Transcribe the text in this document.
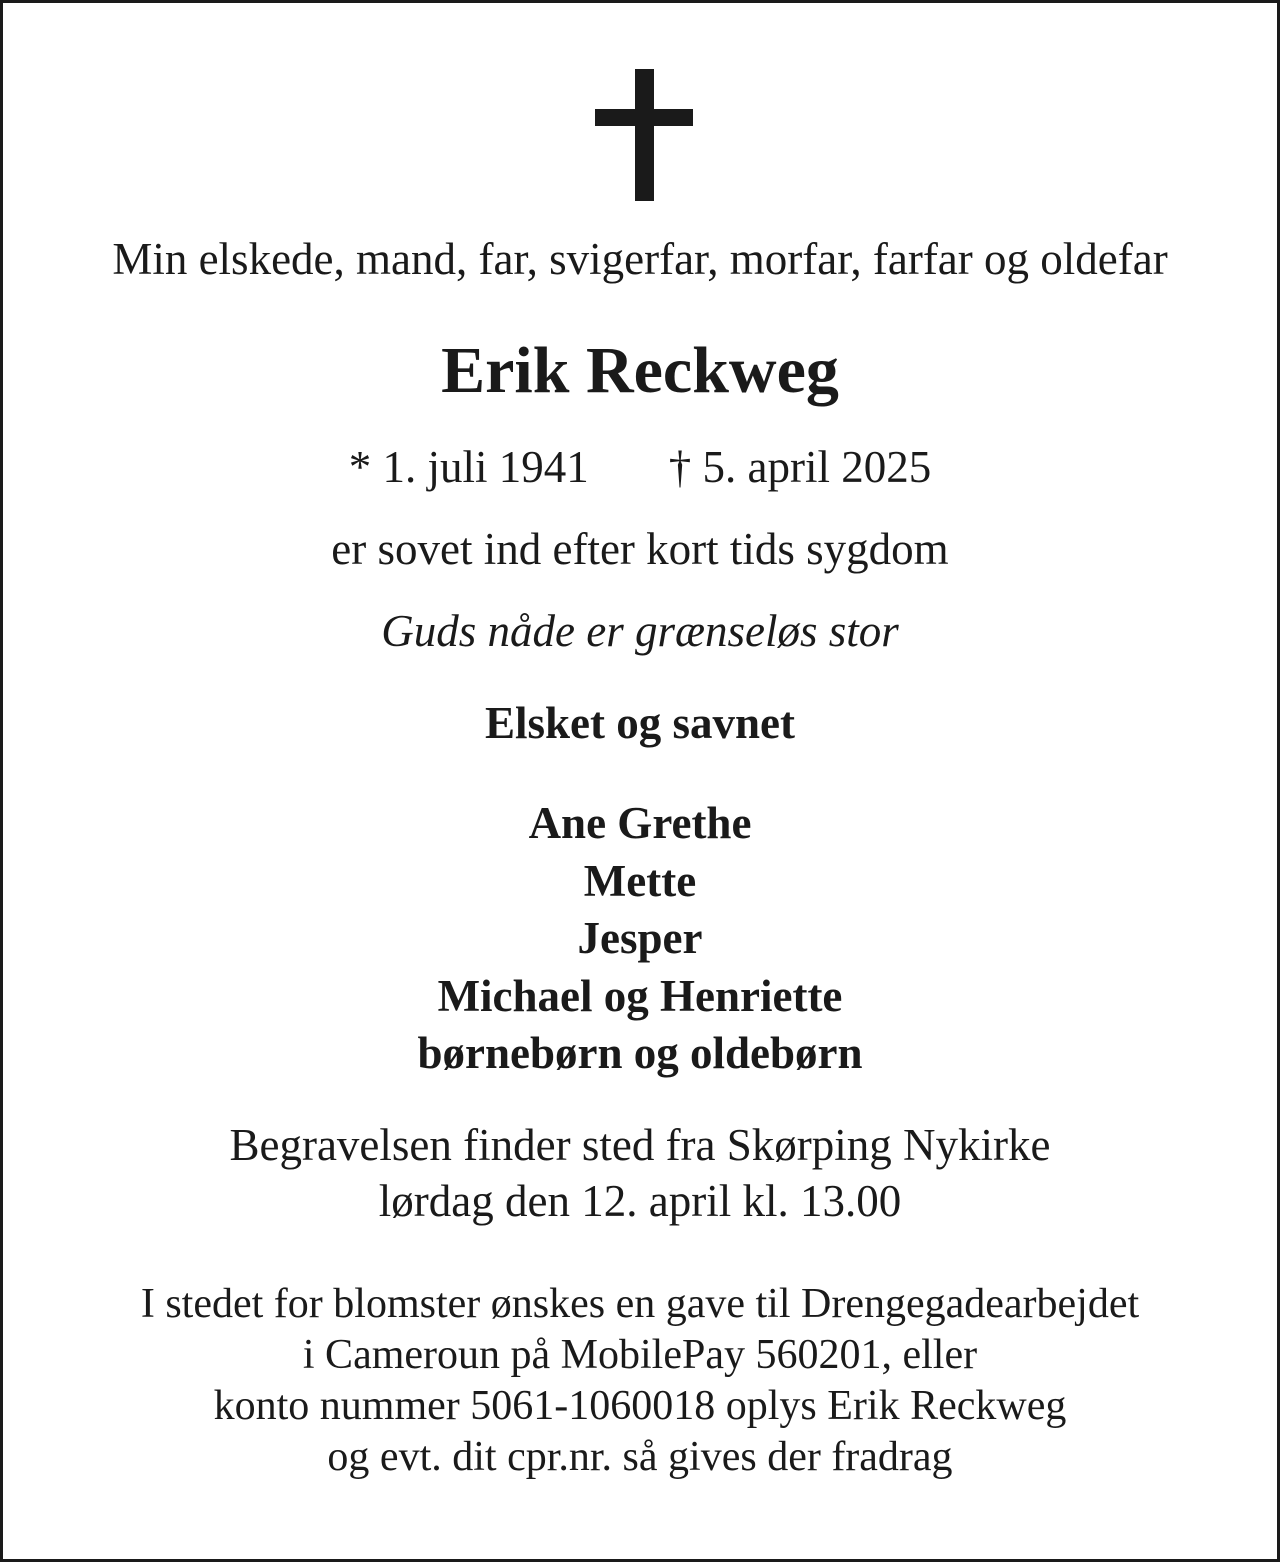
Min elskede, mand, far, svigerfar, morfar, farfar og oldefar
Erik Reckweg
* 1. juli 1941 † 5. april 2025
er sovet ind efter kort tids sygdom
Guds nåde er grænseløs stor
Elsket og savnet
Ane Grethe
Mette
Jesper
Michael og Henriette
børnebørn og oldebørn
Begravelsen finder sted fra Skørping Nykirke
lørdag den 12. april kl. 13.00
I stedet for blomster ønskes en gave til Drengegadearbejdet
i Cameroun på MobilePay 560201, eller
konto nummer 5061-1060018 oplys Erik Reckweg
og evt. dit cpr.nr. så gives der fradrag
